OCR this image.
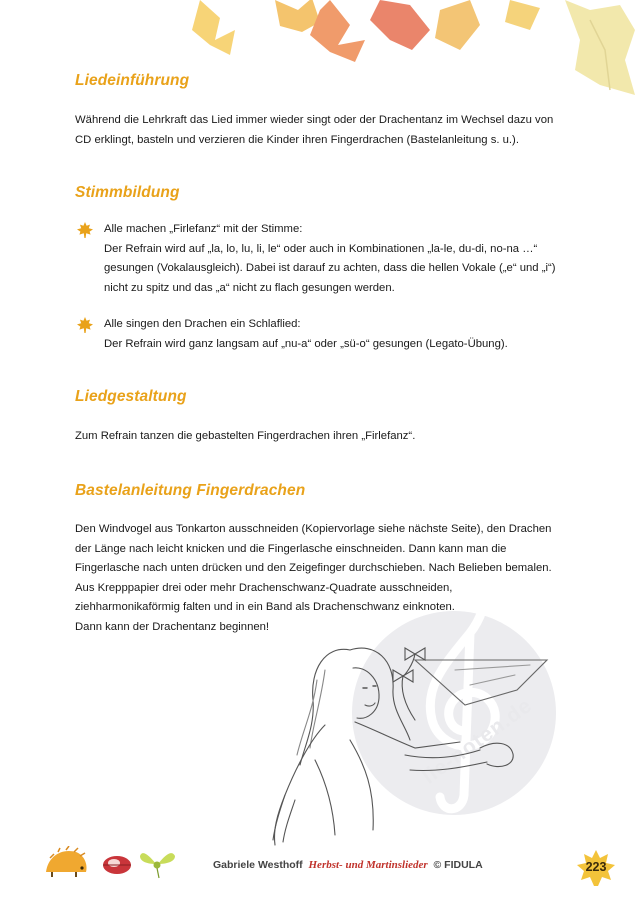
lie-noten.de
Liedeinführung

Während die Lehrkraft das Lied immer wieder singt oder der Drachentanz im Wechsel dazu von CD erklingt, basteln und verzieren die Kinder ihren Fingerdrachen (Bastelanleitung s. u.).

Stimmbildung

Alle machen „Firlefanz“ mit der Stimme:
Der Refrain wird auf „la, lo, lu, li, le“ oder auch in Kombinationen „la-le, du-di, no-na …“ gesungen (Vokalausgleich). Dabei ist darauf zu achten, dass die hellen Vokale („e“ und „i“) nicht zu spitz und das „a“ nicht zu flach gesungen werden.

Alle singen den Drachen ein Schlaflied:
Der Refrain wird ganz langsam auf „nu-a“ oder „sü-o“ gesungen (Legato-Übung).

Liedgestaltung

Zum Refrain tanzen die gebastelten Fingerdrachen ihren „Firlefanz“.

Bastelanleitung Fingerdrachen
Den Windvogel aus Tonkarton ausschneiden (Kopiervorlage siehe nächste Seite), den Drachen der Länge nach leicht knicken und die Fingerlasche einschneiden. Dann kann man die Fingerlasche nach unten drücken und den Zeigefinger durchschieben. Nach Belieben bemalen.
Aus Krepppapier drei oder mehr Drachenschwanz-Quadrate ausschneiden, ziehharmonikaförmig falten und in ein Band als Drachenschwanz einknoten.
Dann kann der Drachentanz beginnen!
Gabriele Westhoff Herbst- und Martinslieder © FIDULA	223
